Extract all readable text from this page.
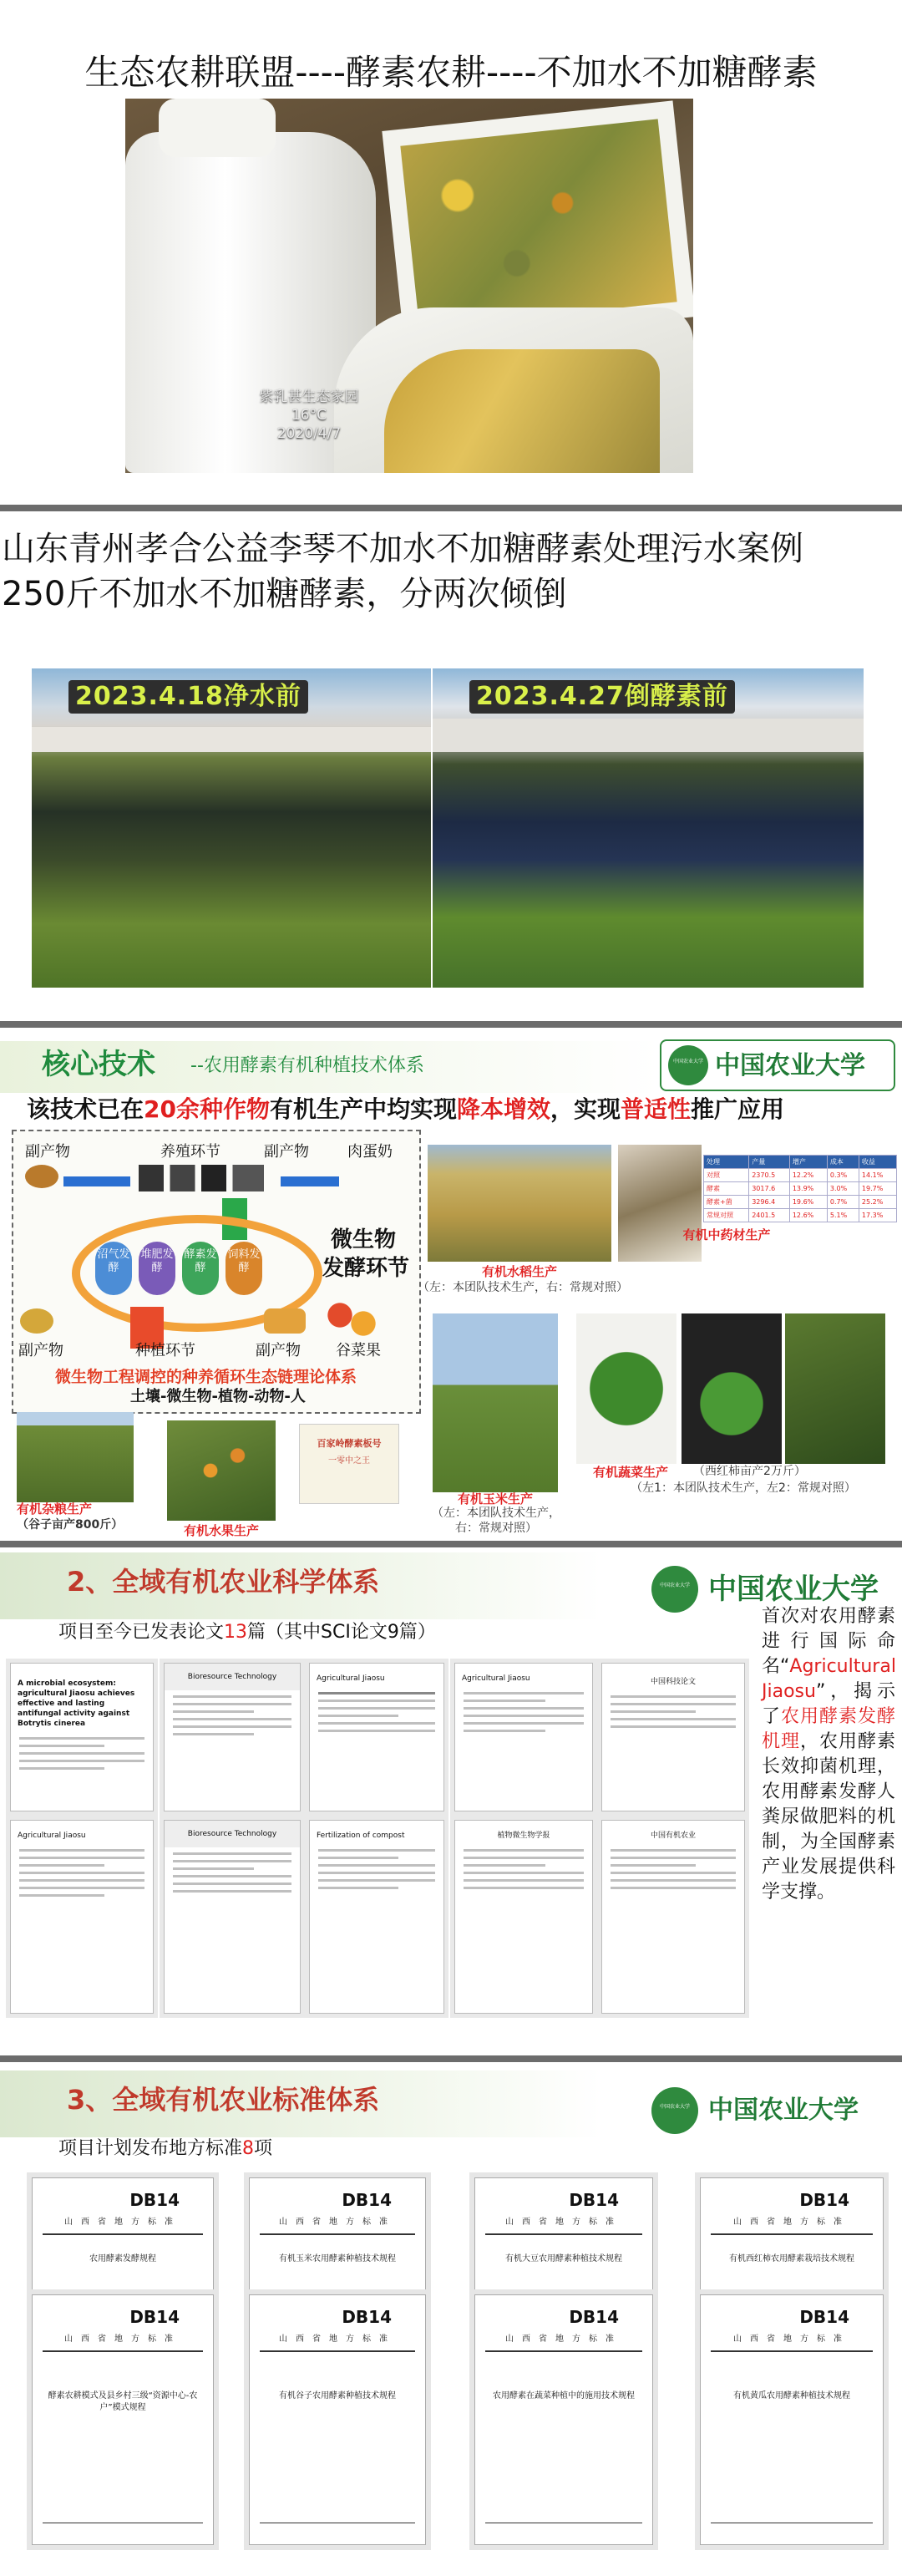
生态农耕联盟----酵素农耕----不加水不加糖酵素
紫乳甚生态家园
16°C
2020/4/7
山东青州孝合公益李琴不加水不加糖酵素处理污水案例
250斤不加水不加糖酵素，分两次倾倒
2023.4.18净水前	2023.4.27倒酵素前
核心技术 --农用酵素有机种植技术体系	中国农业大学 中国农业大学
该技术已在20余种作物有机生产中均实现降本增效，实现普适性推广应用
副产物	养殖环节	副产物	肉蛋奶
沼气发酵
堆肥发酵
酵素发酵
饲料发酵
微生物
发酵环节
副产物	种植环节	副产物 谷菜果
微生物工程调控的种养循环生态链理论体系
土壤-微生物-植物-动物-人
处理	产量	增产	成本	收益
对照	2370.5	12.2%	0.3%	14.1%
酵素	3017.6	13.9%	3.0%	19.7%
酵素+菌	3296.4	19.6%	0.7%	25.2%
常规对照	2401.5	12.6%	5.1%	17.3%
有机水稻生产
（左：本团队技术生产，右：常规对照）
有机中药材生产
有机杂粮生产
（谷子亩产800斤）	有机水果生产
百家岭酵素板号
一零中之王
有机玉米生产
（左：本团队技术生产，右：常规对照）
有机蔬菜生产	（西红柿亩产2万斤）
（左1：本团队技术生产，左2：常规对照）
2、全域有机农业科学体系	中国农业大学 中国农业大学
项目至今已发表论文13篇（其中SCI论文9篇）
A microbial ecosystem: agricultural Jiaosu achieves effective and lasting antifungal activity against Botrytis cinerea
Bioresource Technology	Agricultural Jiaosu	Agricultural Jiaosu	中国科技论文
Agricultural Jiaosu	Bioresource Technology	Fertilization of compost	植物微生物学报	中国有机农业
首次对农用酵素进行国际命名“Agricultural Jiaosu”，揭示了农用酵素发酵机理，农用酵素长效抑菌机理，农用酵素发酵人粪尿做肥料的机制，为全国酵素产业发展提供科学支撑。
3、全域有机农业标准体系	中国农业大学 中国农业大学
项目计划发布地方标准8项
DB14
山西省地方标准
农用酵素发酵规程
DB14
山西省地方标准
有机玉米农用酵素种植技术规程
DB14
山西省地方标准
有机大豆农用酵素种植技术规程
DB14
山西省地方标准
有机西红柿农用酵素栽培技术规程
DB14
山西省地方标准
酵素农耕模式及县乡村三级“资源中心-农户”模式规程
DB14
山西省地方标准
有机谷子农用酵素种植技术规程
DB14
山西省地方标准
农用酵素在蔬菜种植中的施用技术规程
DB14
山西省地方标准
有机黄瓜农用酵素种植技术规程
